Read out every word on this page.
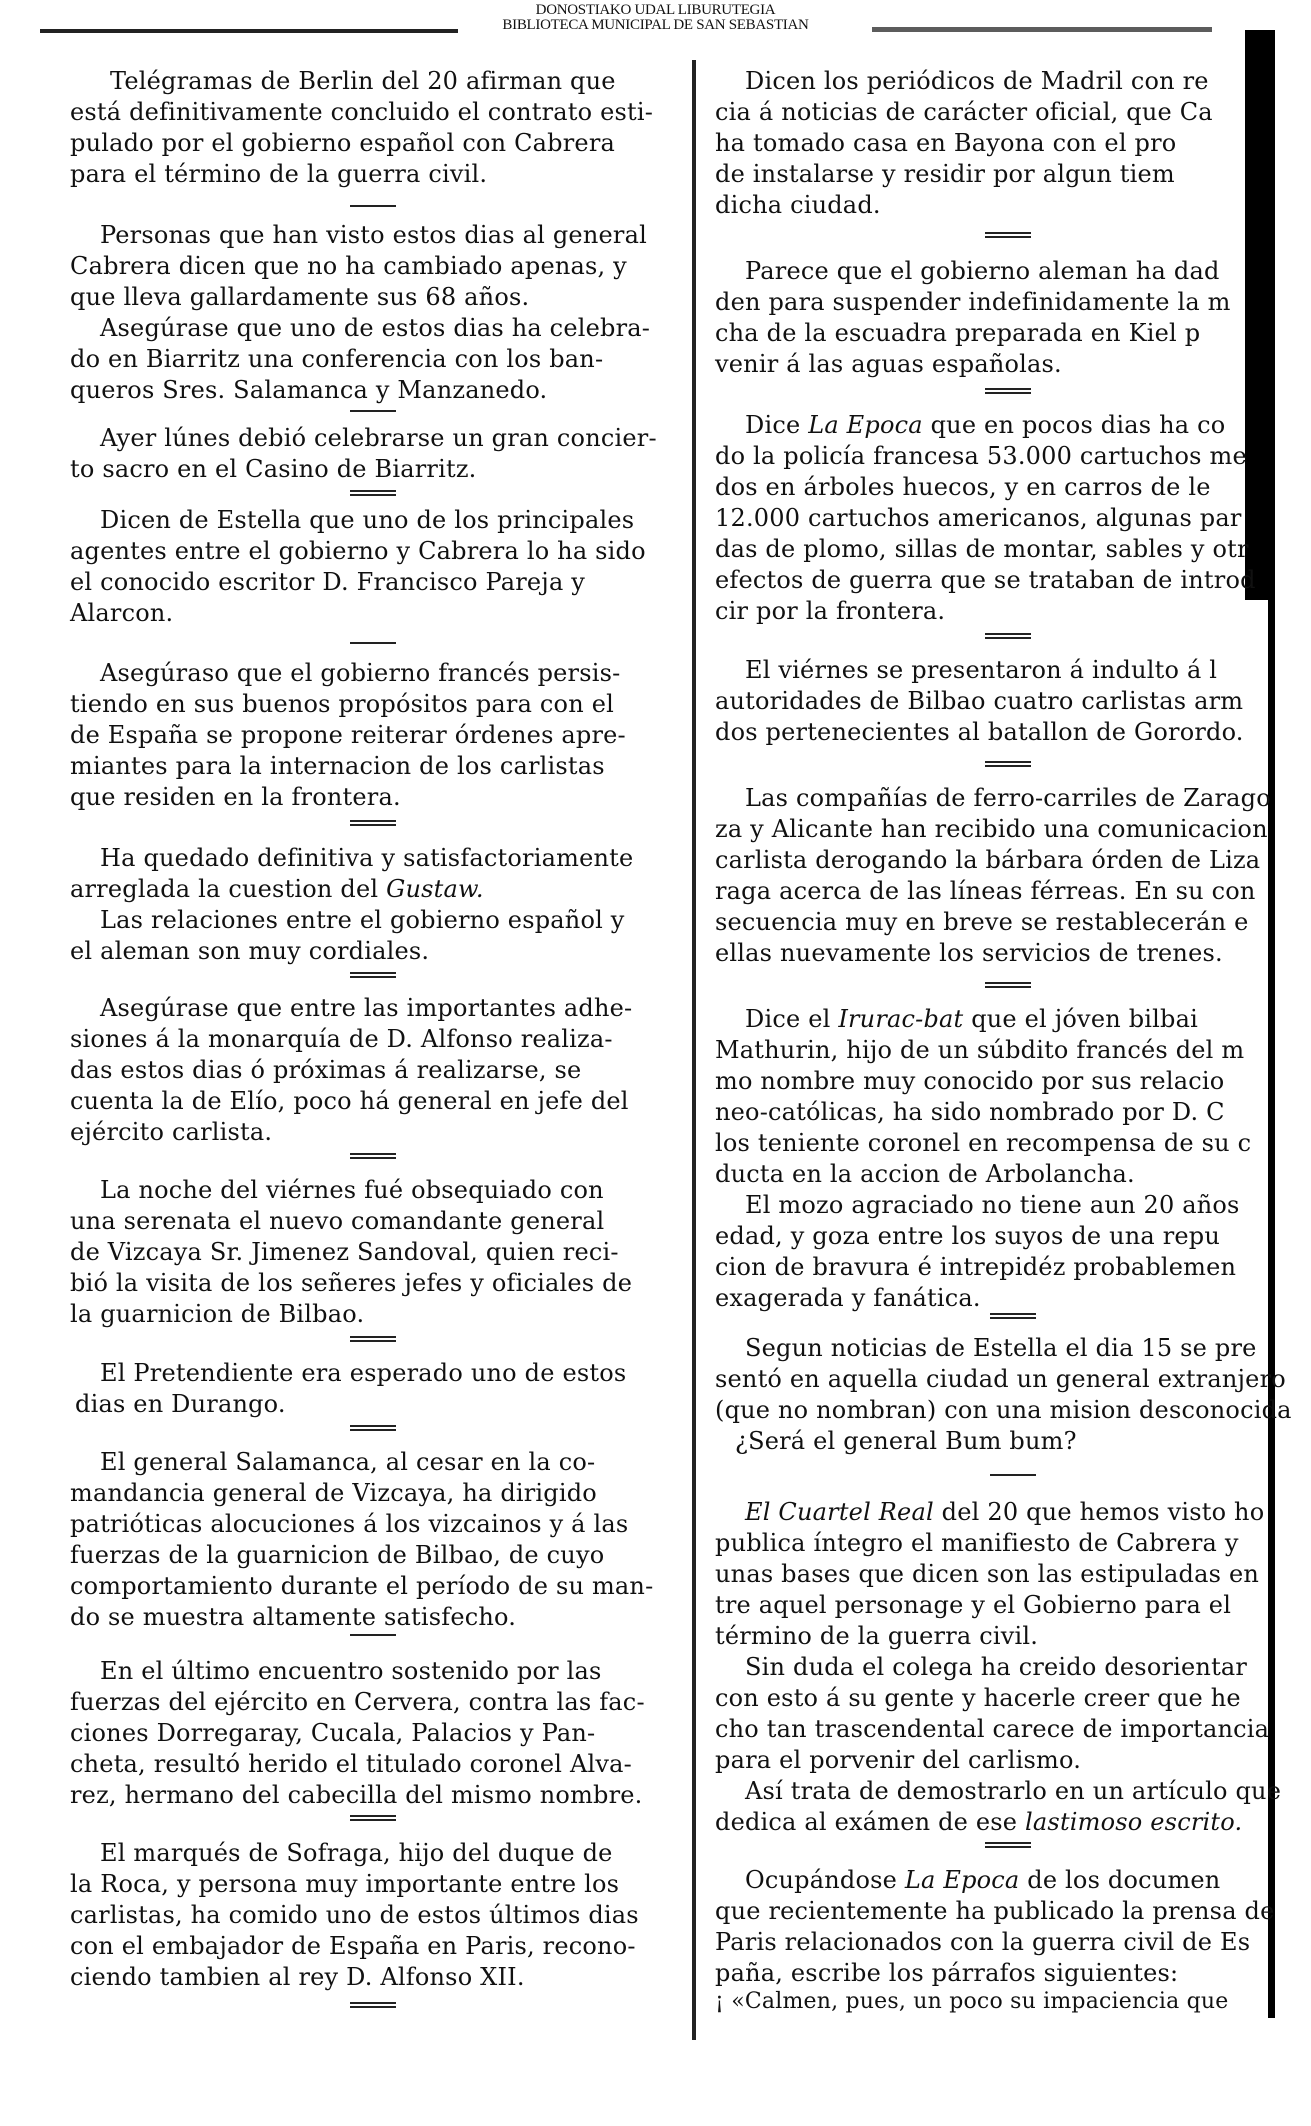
DONOSTIAKO UDAL LIBURUTEGIA
BIBLIOTECA MUNICIPAL DE SAN SEBASTIAN
Telégramas de Berlin del 20 afirman que
está definitivamente concluido el contrato esti-
pulado por el gobierno español con Cabrera
para el término de la guerra civil.
Personas que han visto estos dias al general
Cabrera dicen que no ha cambiado apenas, y
que lleva gallardamente sus 68 años.
Asegúrase que uno de estos dias ha celebra-
do en Biarritz una conferencia con los ban-
queros Sres. Salamanca y Manzanedo.
Ayer lúnes debió celebrarse un gran concier-
to sacro en el Casino de Biarritz.
Dicen de Estella que uno de los principales
agentes entre el gobierno y Cabrera lo ha sido
el conocido escritor D. Francisco Pareja y
Alarcon.
Asegúraso que el gobierno francés persis-
tiendo en sus buenos propósitos para con el
de España se propone reiterar órdenes apre-
miantes para la internacion de los carlistas
que residen en la frontera.
Ha quedado definitiva y satisfactoriamente
arreglada la cuestion del Gustaw.
Las relaciones entre el gobierno español y
el aleman son muy cordiales.
Asegúrase que entre las importantes adhe-
siones á la monarquía de D. Alfonso realiza-
das estos dias ó próximas á realizarse, se
cuenta la de Elío, poco há general en jefe del
ejército carlista.
La noche del viérnes fué obsequiado con
una serenata el nuevo comandante general
de Vizcaya Sr. Jimenez Sandoval, quien reci-
bió la visita de los señeres jefes y oficiales de
la guarnicion de Bilbao.
El Pretendiente era esperado uno de estos
dias en Durango.
El general Salamanca, al cesar en la co-
mandancia general de Vizcaya, ha dirigido
patrióticas alocuciones á los vizcainos y á las
fuerzas de la guarnicion de Bilbao, de cuyo
comportamiento durante el período de su man-
do se muestra altamente satisfecho.
En el último encuentro sostenido por las
fuerzas del ejército en Cervera, contra las fac-
ciones Dorregaray, Cucala, Palacios y Pan-
cheta, resultó herido el titulado coronel Alva-
rez, hermano del cabecilla del mismo nombre.
El marqués de Sofraga, hijo del duque de
la Roca, y persona muy importante entre los
carlistas, ha comido uno de estos últimos dias
con el embajador de España en Paris, recono-
ciendo tambien al rey D. Alfonso XII.
Dicen los periódicos de Madril con re
cia á noticias de carácter oficial, que Ca
ha tomado casa en Bayona con el pro
de instalarse y residir por algun tiem
dicha ciudad.
Parece que el gobierno aleman ha dad
den para suspender indefinidamente la m
cha de la escuadra preparada en Kiel p
venir á las aguas españolas.
Dice La Epoca que en pocos dias ha co
do la policía francesa 53.000 cartuchos me
dos en árboles huecos, y en carros de le
12.000 cartuchos americanos, algunas par
das de plomo, sillas de montar, sables y otr
efectos de guerra que se trataban de introd
cir por la frontera.
El viérnes se presentaron á indulto á l
autoridades de Bilbao cuatro carlistas arm
dos pertenecientes al batallon de Gorordo.
Las compañías de ferro-carriles de Zarago
za y Alicante han recibido una comunicacion
carlista derogando la bárbara órden de Liza
raga acerca de las líneas férreas. En su con
secuencia muy en breve se restablecerán e
ellas nuevamente los servicios de trenes.
Dice el Irurac-bat que el jóven bilbai
Mathurin, hijo de un súbdito francés del m
mo nombre muy conocido por sus relacio
neo-católicas, ha sido nombrado por D. C
los teniente coronel en recompensa de su c
ducta en la accion de Arbolancha.
El mozo agraciado no tiene aun 20 años
edad, y goza entre los suyos de una repu
cion de bravura é intrepidéz probablemen
exagerada y fanática.
Segun noticias de Estella el dia 15 se pre
sentó en aquella ciudad un general extranjero
(que no nombran) con una mision desconocida
¿Será el general Bum bum?
El Cuartel Real del 20 que hemos visto ho
publica íntegro el manifiesto de Cabrera y
unas bases que dicen son las estipuladas en
tre aquel personage y el Gobierno para el
término de la guerra civil.
Sin duda el colega ha creido desorientar
con esto á su gente y hacerle creer que he
cho tan trascendental carece de importancia
para el porvenir del carlismo.
Así trata de demostrarlo en un artículo que
dedica al exámen de ese lastimoso escrito.
Ocupándose La Epoca de los documen
que recientemente ha publicado la prensa de
Paris relacionados con la guerra civil de Es
paña, escribe los párrafos siguientes:
¡ «Calmen, pues, un poco su impaciencia que
